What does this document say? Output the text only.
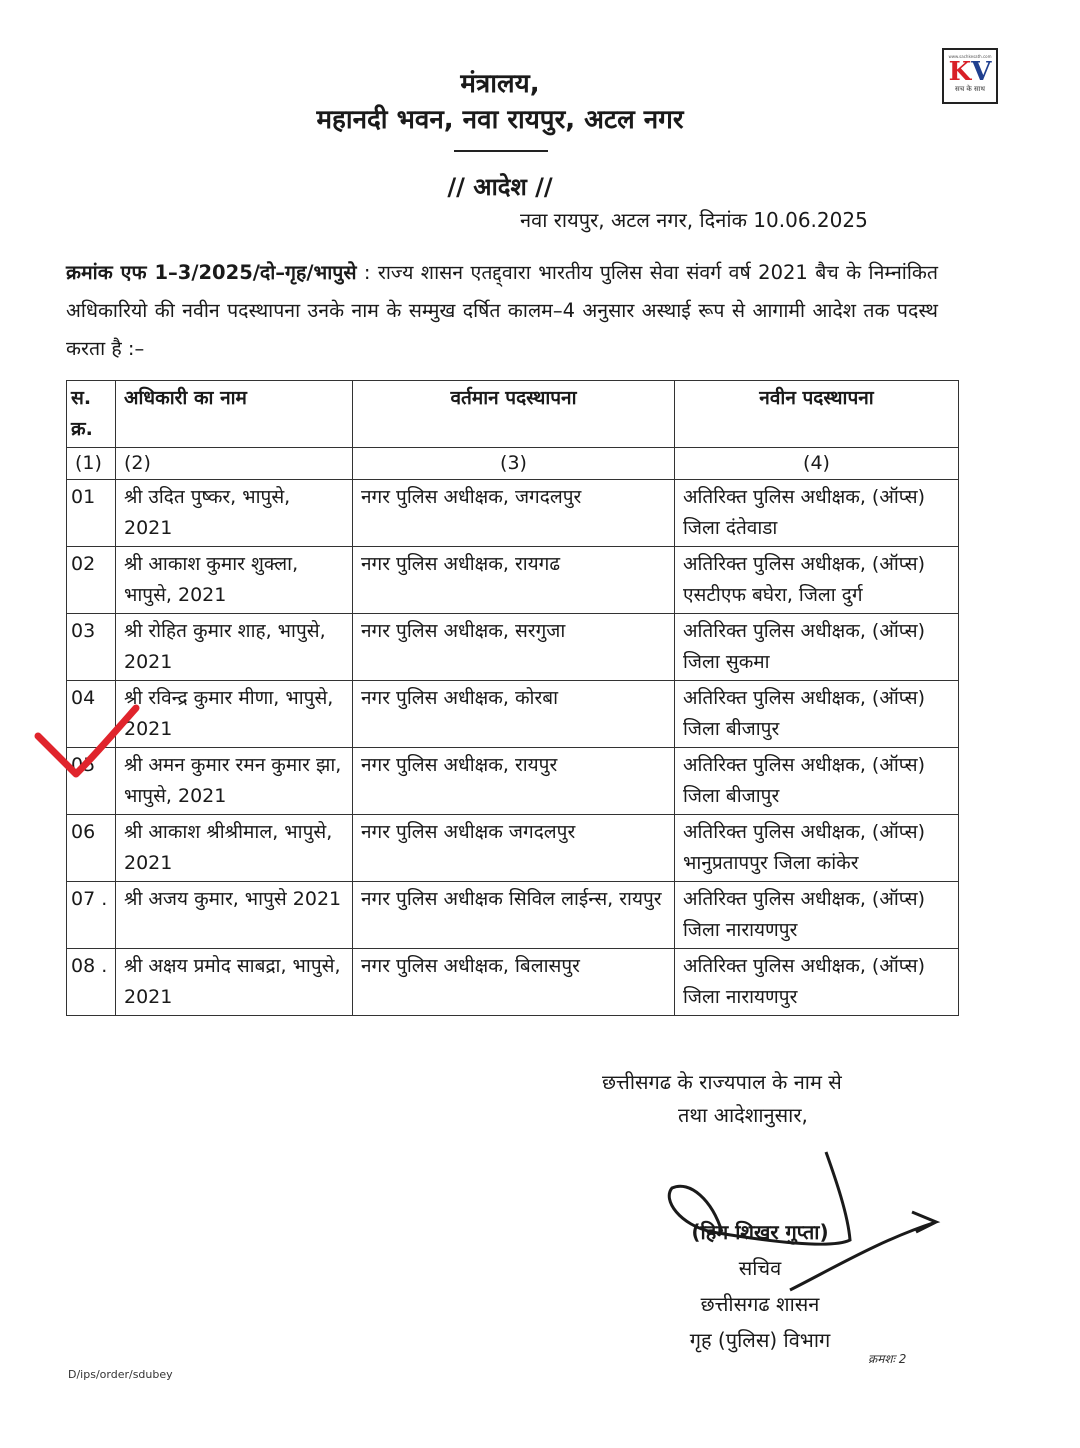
www.sachkesath.com
KV
सच के साथ
मंत्रालय,
महानदी भवन, नवा रायपुर, अटल नगर
// आदेश //
नवा रायपुर, अटल नगर, दिनांक 10.06.2025
क्रमांक एफ 1–3/2025/दो–गृह/भापुसे : राज्य शासन एतद्द्वारा भारतीय पुलिस सेवा संवर्ग वर्ष 2021 बैच के निम्नांकित अधिकारियो की नवीन पदस्थापना उनके नाम के सम्मुख दर्षित कालम–4 अनुसार अस्थाई रूप से आगामी आदेश तक पदस्थ करता है :–
स. क्र.	अधिकारी का नाम	वर्तमान पदस्थापना	नवीन पदस्थापना
(1)	(2)	(3)	(4)
01	श्री उदित पुष्कर, भापुसे, 2021	नगर पुलिस अधीक्षक, जगदलपुर	अतिरिक्त पुलिस अधीक्षक, (ऑप्स) जिला दंतेवाडा
02	श्री आकाश कुमार शुक्ला, भापुसे, 2021	नगर पुलिस अधीक्षक, रायगढ	अतिरिक्त पुलिस अधीक्षक, (ऑप्स) एसटीएफ बघेरा, जिला दुर्ग
03	श्री रोहित कुमार शाह, भापुसे, 2021	नगर पुलिस अधीक्षक, सरगुजा	अतिरिक्त पुलिस अधीक्षक, (ऑप्स) जिला सुकमा
04	श्री रविन्द्र कुमार मीणा, भापुसे, 2021	नगर पुलिस अधीक्षक, कोरबा	अतिरिक्त पुलिस अधीक्षक, (ऑप्स) जिला बीजापुर
05	श्री अमन कुमार रमन कुमार झा, भापुसे, 2021	नगर पुलिस अधीक्षक, रायपुर	अतिरिक्त पुलिस अधीक्षक, (ऑप्स) जिला बीजापुर
06	श्री आकाश श्रीश्रीमाल, भापुसे, 2021	नगर पुलिस अधीक्षक जगदलपुर	अतिरिक्त पुलिस अधीक्षक, (ऑप्स) भानुप्रतापपुर जिला कांकेर
07 .	श्री अजय कुमार, भापुसे 2021	नगर पुलिस अधीक्षक सिविल लाईन्स, रायपुर	अतिरिक्त पुलिस अधीक्षक, (ऑप्स) जिला नारायणपुर
08 .	श्री अक्षय प्रमोद साबद्रा, भापुसे, 2021	नगर पुलिस अधीक्षक, बिलासपुर	अतिरिक्त पुलिस अधीक्षक, (ऑप्स) जिला नारायणपुर
छत्तीसगढ के राज्यपाल के नाम से
तथा आदेशानुसार,
(हिम शिखर गुप्ता)
सचिव
छत्तीसगढ शासन
गृह (पुलिस) विभाग
क्रमशः 2
D/ips/order/sdubey
